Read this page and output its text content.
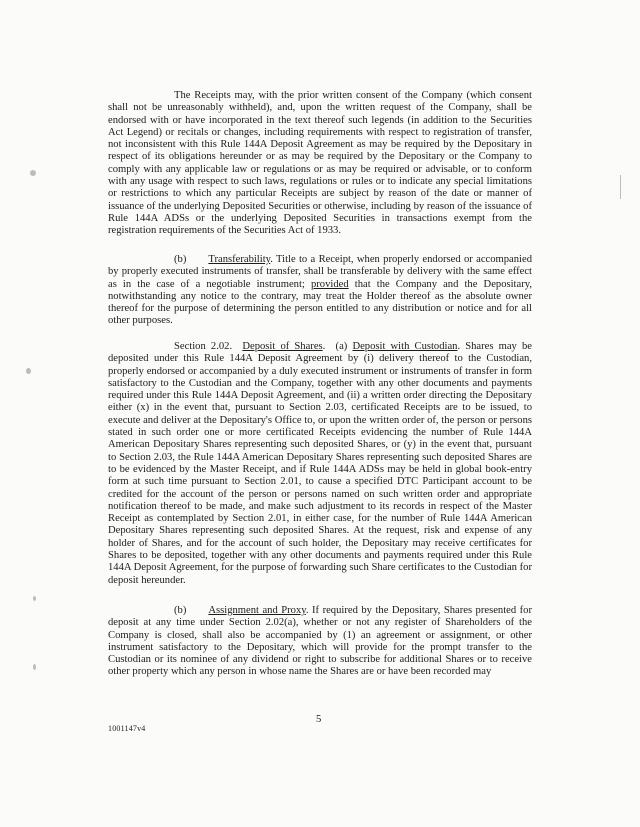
The Receipts may, with the prior written consent of the Company (which consent shall not be unreasonably withheld), and, upon the written request of the Company, shall be endorsed with or have incorporated in the text thereof such legends (in addition to the Securities Act Legend) or recitals or changes, including requirements with respect to registration of transfer, not inconsistent with this Rule 144A Deposit Agreement as may be required by the Depositary in respect of its obligations hereunder or as may be required by the Depositary or the Company to comply with any applicable law or regulations or as may be required or advisable, or to conform with any usage with respect to such laws, regulations or rules or to indicate any special limitations or restrictions to which any particular Receipts are subject by reason of the date or manner of issuance of the underlying Deposited Securities or otherwise, including by reason of the issuance of Rule 144A ADSs or the underlying Deposited Securities in transactions exempt from the registration requirements of the Securities Act of 1933.

(b) Transferability. Title to a Receipt, when properly endorsed or accompanied by properly executed instruments of transfer, shall be transferable by delivery with the same effect as in the case of a negotiable instrument; provided that the Company and the Depositary, notwithstanding any notice to the contrary, may treat the Holder thereof as the absolute owner thereof for the purpose of determining the person entitled to any distribution or notice and for all other purposes.

Section 2.02. Deposit of Shares.  (a) Deposit with Custodian. Shares may be deposited under this Rule 144A Deposit Agreement by (i) delivery thereof to the Custodian, properly endorsed or accompanied by a duly executed instrument or instruments of transfer in form satisfactory to the Custodian and the Company, together with any other documents and payments required under this Rule 144A Deposit Agreement, and (ii) a written order directing the Depositary either (x) in the event that, pursuant to Section 2.03, certificated Receipts are to be issued, to execute and deliver at the Depositary's Office to, or upon the written order of, the person or persons stated in such order one or more certificated Receipts evidencing the number of Rule 144A American Depositary Shares representing such deposited Shares, or (y) in the event that, pursuant to Section 2.03, the Rule 144A American Depositary Shares representing such deposited Shares are to be evidenced by the Master Receipt, and if Rule 144A ADSs may be held in global book-entry form at such time pursuant to Section 2.01, to cause a specified DTC Participant account to be credited for the account of the person or persons named on such written order and appropriate notification thereof to be made, and make such adjustment to its records in respect of the Master Receipt as contemplated by Section 2.01, in either case, for the number of Rule 144A American Depositary Shares representing such deposited Shares. At the request, risk and expense of any holder of Shares, and for the account of such holder, the Depositary may receive certificates for Shares to be deposited, together with any other documents and payments required under this Rule 144A Deposit Agreement, for the purpose of forwarding such Share certificates to the Custodian for deposit hereunder.

(b) Assignment and Proxy. If required by the Depositary, Shares presented for deposit at any time under Section 2.02(a), whether or not any register of Shareholders of the Company is closed, shall also be accompanied by (1) an agreement or assignment, or other instrument satisfactory to the Depositary, which will provide for the prompt transfer to the Custodian or its nominee of any dividend or right to subscribe for additional Shares or to receive other property which any person in whose name the Shares are or have been recorded may

5
1001147v4
